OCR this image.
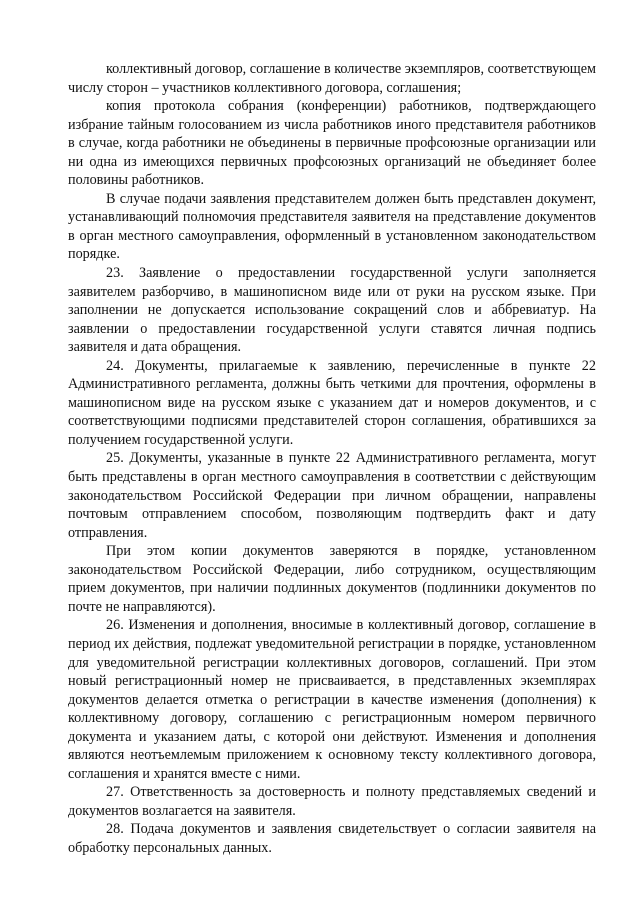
коллективный договор, соглашение в количестве экземпляров, соответствующем числу сторон – участников коллективного договора, соглашения;

копия протокола собрания (конференции) работников, подтверждающего избрание тайным голосованием из числа работников иного представителя работников в случае, когда работники не объединены в первичные профсоюзные организации или ни одна из имеющихся первичных профсоюзных организаций не объединяет более половины работников.

В случае подачи заявления представителем должен быть представлен документ, устанавливающий полномочия представителя заявителя на представление документов в орган местного самоуправления, оформленный в установленном законодательством порядке.

23. Заявление о предоставлении государственной услуги заполняется заявителем разборчиво, в машинописном виде или от руки на русском языке. При заполнении не допускается использование сокращений слов и аббревиатур. На заявлении о предоставлении государственной услуги ставятся личная подпись заявителя и дата обращения.

24. Документы, прилагаемые к заявлению, перечисленные в пункте 22 Административного регламента, должны быть четкими для прочтения, оформлены в машинописном виде на русском языке с указанием дат и номеров документов, и с соответствующими подписями представителей сторон соглашения, обратившихся за получением государственной услуги.

25. Документы, указанные в пункте 22 Административного регламента, могут быть представлены в орган местного самоуправления в соответствии с действующим законодательством Российской Федерации при личном обращении, направлены почтовым отправлением способом, позволяющим подтвердить факт и дату отправления.

При этом копии документов заверяются в порядке, установленном законодательством Российской Федерации, либо сотрудником, осуществляющим прием документов, при наличии подлинных документов (подлинники документов по почте не направляются).

26. Изменения и дополнения, вносимые в коллективный договор, соглашение в период их действия, подлежат уведомительной регистрации в порядке, установленном для уведомительной регистрации коллективных договоров, соглашений. При этом новый регистрационный номер не присваивается, в представленных экземплярах документов делается отметка о регистрации в качестве изменения (дополнения) к коллективному договору, соглашению с регистрационным номером первичного документа и указанием даты, с которой они действуют. Изменения и дополнения являются неотъемлемым приложением к основному тексту коллективного договора, соглашения и хранятся вместе с ними.

27. Ответственность за достоверность и полноту представляемых сведений и документов возлагается на заявителя.

28. Подача документов и заявления свидетельствует о согласии заявителя на обработку персональных данных.
